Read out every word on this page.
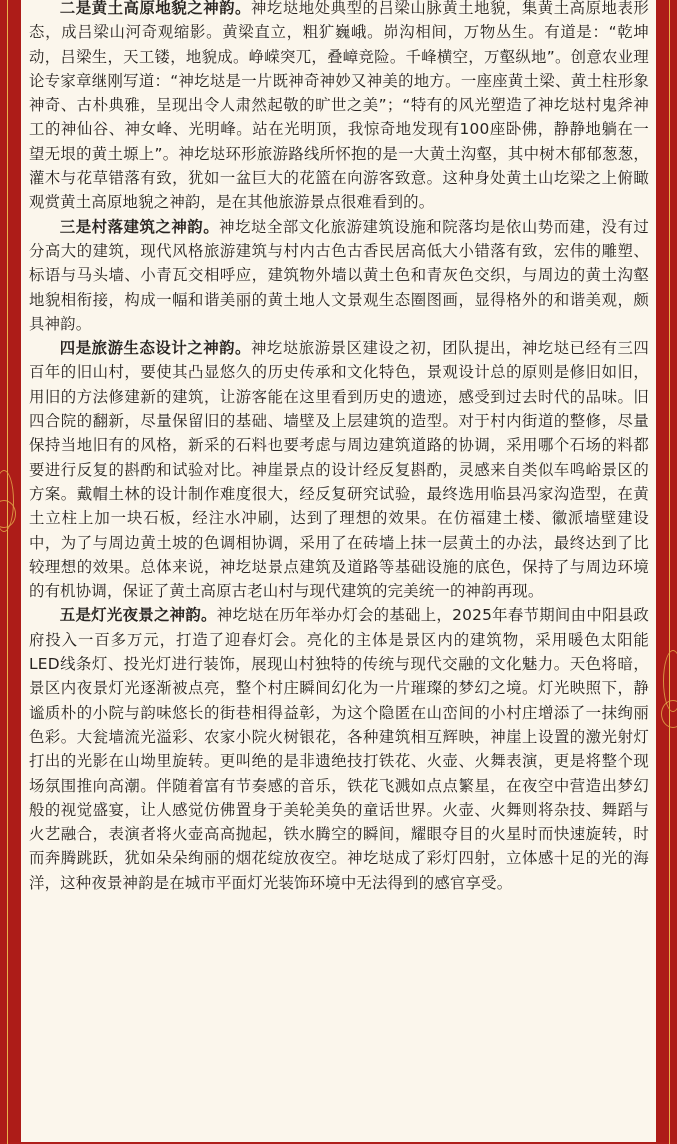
二是黄土高原地貌之神韵。神圪垯地处典型的吕梁山脉黄土地貌，集黄土高原地表形态，成吕梁山河奇观缩影。黄梁直立，粗犷巍峨。峁沟相间，万物丛生。有道是：“乾坤动，吕梁生，天工镂，地貌成。峥嵘突兀，叠嶂竞险。千峰横空，万壑纵地”。创意农业理论专家章继刚写道：“神圪垯是一片既神奇神妙又神美的地方。一座座黄土梁、黄土柱形象神奇、古朴典雅，呈现出令人肃然起敬的旷世之美”；“特有的风光塑造了神圪垯村鬼斧神工的神仙谷、神女峰、光明峰。站在光明顶，我惊奇地发现有100座卧佛，静静地躺在一望无垠的黄土塬上”。神圪垯环形旅游路线所怀抱的是一大黄土沟壑，其中树木郁郁葱葱，灌木与花草错落有致，犹如一盆巨大的花篮在向游客致意。这种身处黄土山圪梁之上俯瞰观赏黄土高原地貌之神韵，是在其他旅游景点很难看到的。

三是村落建筑之神韵。神圪垯全部文化旅游建筑设施和院落均是依山势而建，没有过分高大的建筑，现代风格旅游建筑与村内古色古香民居高低大小错落有致，宏伟的雕塑、标语与马头墙、小青瓦交相呼应，建筑物外墙以黄土色和青灰色交织，与周边的黄土沟壑地貌相衔接，构成一幅和谐美丽的黄土地人文景观生态圈图画，显得格外的和谐美观，颇具神韵。

四是旅游生态设计之神韵。神圪垯旅游景区建设之初，团队提出，神圪垯已经有三四百年的旧山村，要使其凸显悠久的历史传承和文化特色，景观设计总的原则是修旧如旧，用旧的方法修建新的建筑，让游客能在这里看到历史的遗迹，感受到过去时代的品味。旧四合院的翻新，尽量保留旧的基础、墙壁及上层建筑的造型。对于村内街道的整修，尽量保持当地旧有的风格，新采的石料也要考虑与周边建筑道路的协调，采用哪个石场的料都要进行反复的斟酌和试验对比。神崖景点的设计经反复斟酌，灵感来自类似车鸣峪景区的方案。戴帽土林的设计制作难度很大，经反复研究试验，最终选用临县冯家沟造型，在黄土立柱上加一块石板，经注水冲刷，达到了理想的效果。在仿福建土楼、徽派墙壁建设中，为了与周边黄土坡的色调相协调，采用了在砖墙上抹一层黄土的办法，最终达到了比较理想的效果。总体来说，神圪垯景点建筑及道路等基础设施的底色，保持了与周边环境的有机协调，保证了黄土高原古老山村与现代建筑的完美统一的神韵再现。

五是灯光夜景之神韵。神圪垯在历年举办灯会的基础上，2025年春节期间由中阳县政府投入一百多万元，打造了迎春灯会。亮化的主体是景区内的建筑物，采用暖色太阳能LED线条灯、投光灯进行装饰，展现山村独特的传统与现代交融的文化魅力。天色将暗，景区内夜景灯光逐渐被点亮，整个村庄瞬间幻化为一片璀璨的梦幻之境。灯光映照下，静谧质朴的小院与韵味悠长的街巷相得益彰，为这个隐匿在山峦间的小村庄增添了一抹绚丽色彩。大瓮墙流光溢彩、农家小院火树银花，各种建筑相互辉映，神崖上设置的激光射灯打出的光影在山坳里旋转。更叫绝的是非遗绝技打铁花、火壶、火舞表演，更是将整个现场氛围推向高潮。伴随着富有节奏感的音乐，铁花飞溅如点点繁星，在夜空中营造出梦幻般的视觉盛宴，让人感觉仿佛置身于美轮美奂的童话世界。火壶、火舞则将杂技、舞蹈与火艺融合，表演者将火壶高高抛起，铁水腾空的瞬间，耀眼夺目的火星时而快速旋转，时而奔腾跳跃，犹如朵朵绚丽的烟花绽放夜空。神圪垯成了彩灯四射，立体感十足的光的海洋，这种夜景神韵是在城市平面灯光装饰环境中无法得到的感官享受。
